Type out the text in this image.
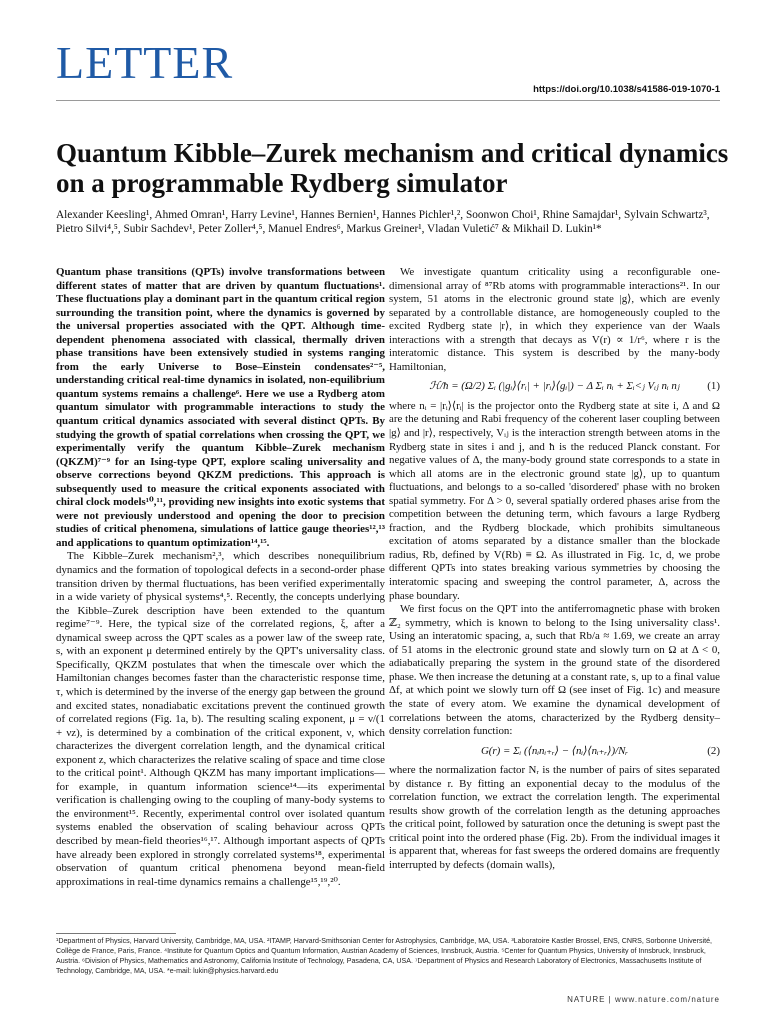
LETTER
https://doi.org/10.1038/s41586-019-1070-1
Quantum Kibble–Zurek mechanism and critical dynamics on a programmable Rydberg simulator
Alexander Keesling¹, Ahmed Omran¹, Harry Levine¹, Hannes Bernien¹, Hannes Pichler¹,², Soonwon Choi¹, Rhine Samajdar¹, Sylvain Schwartz³, Pietro Silvi⁴,⁵, Subir Sachdev¹, Peter Zoller⁴,⁵, Manuel Endres⁶, Markus Greiner¹, Vladan Vuletić⁷ & Mikhail D. Lukin¹*

Quantum phase transitions (QPTs) involve transformations between different states of matter that are driven by quantum fluctuations¹. These fluctuations play a dominant part in the quantum critical region surrounding the transition point, where the dynamics is governed by the universal properties associated with the QPT. Although time-dependent phenomena associated with classical, thermally driven phase transitions have been extensively studied in systems ranging from the early Universe to Bose–Einstein condensates²⁻⁵, understanding critical real-time dynamics in isolated, non-equilibrium quantum systems remains a challenge⁶. Here we use a Rydberg atom quantum simulator with programmable interactions to study the quantum critical dynamics associated with several distinct QPTs. By studying the growth of spatial correlations when crossing the QPT, we experimentally verify the quantum Kibble–Zurek mechanism (QKZM)⁷⁻⁹ for an Ising-type QPT, explore scaling universality and observe corrections beyond QKZM predictions. This approach is subsequently used to measure the critical exponents associated with chiral clock models¹⁰,¹¹, providing new insights into exotic systems that were not previously understood and opening the door to precision studies of critical phenomena, simulations of lattice gauge theories¹²,¹³ and applications to quantum optimization¹⁴,¹⁵.

The Kibble–Zurek mechanism²,³, which describes nonequilibrium dynamics and the formation of topological defects in a second-order phase transition driven by thermal fluctuations, has been verified experimentally in a wide variety of physical systems⁴,⁵. Recently, the concepts underlying the Kibble–Zurek description have been extended to the quantum regime⁷⁻⁹. Here, the typical size of the correlated regions, ξ, after a dynamical sweep across the QPT scales as a power law of the sweep rate, s, with an exponent μ determined entirely by the QPT's universality class. Specifically, QKZM postulates that when the timescale over which the Hamiltonian changes becomes faster than the characteristic response time, τ, which is determined by the inverse of the energy gap between the ground and excited states, nonadiabatic excitations prevent the continued growth of correlated regions (Fig. 1a, b). The resulting scaling exponent, μ = ν/(1 + νz), is determined by a combination of the critical exponent, ν, which characterizes the divergent correlation length, and the dynamical critical exponent z, which characterizes the relative scaling of space and time close to the critical point¹. Although QKZM has many important implications—for example, in quantum information science¹⁴—its experimental verification is challenging owing to the coupling of many-body systems to the environment¹⁵. Recently, experimental control over isolated quantum systems enabled the observation of scaling behaviour across QPTs described by mean-field theories¹⁶,¹⁷. Although important aspects of QPTs have already been explored in strongly correlated systems¹⁸, experimental observation of quantum critical phenomena beyond mean-field approximations in real-time dynamics remains a challenge¹⁵,¹⁹,²⁰.

We investigate quantum criticality using a reconfigurable one-dimensional array of ⁸⁷Rb atoms with programmable interactions²¹. In our system, 51 atoms in the electronic ground state |g⟩, which are evenly separated by a controllable distance, are homogeneously coupled to the excited Rydberg state |r⟩, in which they experience van der Waals interactions with a strength that decays as V(r) ∝ 1/r⁶, where r is the interatomic distance. This system is described by the many-body Hamiltonian,

ℋ/ħ = (Ω/2) Σᵢ (|gᵢ⟩⟨rᵢ| + |rᵢ⟩⟨gᵢ|) − Δ Σᵢ nᵢ + Σᵢ<ⱼ Vᵢⱼ nᵢ nⱼ	(1)

where nᵢ = |rᵢ⟩⟨rᵢ| is the projector onto the Rydberg state at site i, Δ and Ω are the detuning and Rabi frequency of the coherent laser coupling between |g⟩ and |r⟩, respectively, Vᵢⱼ is the interaction strength between atoms in the Rydberg state in sites i and j, and ħ is the reduced Planck constant. For negative values of Δ, the many-body ground state corresponds to a state in which all atoms are in the electronic ground state |g⟩, up to quantum fluctuations, and belongs to a so-called 'disordered' phase with no broken spatial symmetry. For Δ > 0, several spatially ordered phases arise from the competition between the detuning term, which favours a large Rydberg fraction, and the Rydberg blockade, which prohibits simultaneous excitation of atoms separated by a distance smaller than the blockade radius, Rb, defined by V(Rb) ≡ Ω. As illustrated in Fig. 1c, d, we probe different QPTs into states breaking various symmetries by choosing the interatomic spacing and sweeping the control parameter, Δ, across the phase boundary.

We first focus on the QPT into the antiferromagnetic phase with broken ℤ₂ symmetry, which is known to belong to the Ising universality class¹. Using an interatomic spacing, a, such that Rb/a ≈ 1.69, we create an array of 51 atoms in the electronic ground state and slowly turn on Ω at Δ < 0, adiabatically preparing the system in the ground state of the disordered phase. We then increase the detuning at a constant rate, s, up to a final value Δf, at which point we slowly turn off Ω (see inset of Fig. 1c) and measure the state of every atom. We examine the dynamical development of correlations between the atoms, characterized by the Rydberg density–density correlation function:

G(r) = Σᵢ (⟨nᵢnᵢ₊ᵣ⟩ − ⟨nᵢ⟩⟨nᵢ₊ᵣ⟩)/Nᵣ	(2)

where the normalization factor Nᵣ is the number of pairs of sites separated by distance r. By fitting an exponential decay to the modulus of the correlation function, we extract the correlation length. The experimental results show growth of the correlation length as the detuning approaches the critical point, followed by saturation once the detuning is swept past the critical point into the ordered phase (Fig. 2b). From the individual images it is apparent that, whereas for fast sweeps the ordered domains are frequently interrupted by defects (domain walls),

¹Department of Physics, Harvard University, Cambridge, MA, USA. ²ITAMP, Harvard-Smithsonian Center for Astrophysics, Cambridge, MA, USA. ³Laboratoire Kastler Brossel, ENS, CNRS, Sorbonne Université, Collège de France, Paris, France. ⁴Institute for Quantum Optics and Quantum Information, Austrian Academy of Sciences, Innsbruck, Austria. ⁵Center for Quantum Physics, University of Innsbruck, Innsbruck, Austria. ⁶Division of Physics, Mathematics and Astronomy, California Institute of Technology, Pasadena, CA, USA. ⁷Department of Physics and Research Laboratory of Electronics, Massachusetts Institute of Technology, Cambridge, MA, USA. *e-mail: lukin@physics.harvard.edu
NATURE | www.nature.com/nature
